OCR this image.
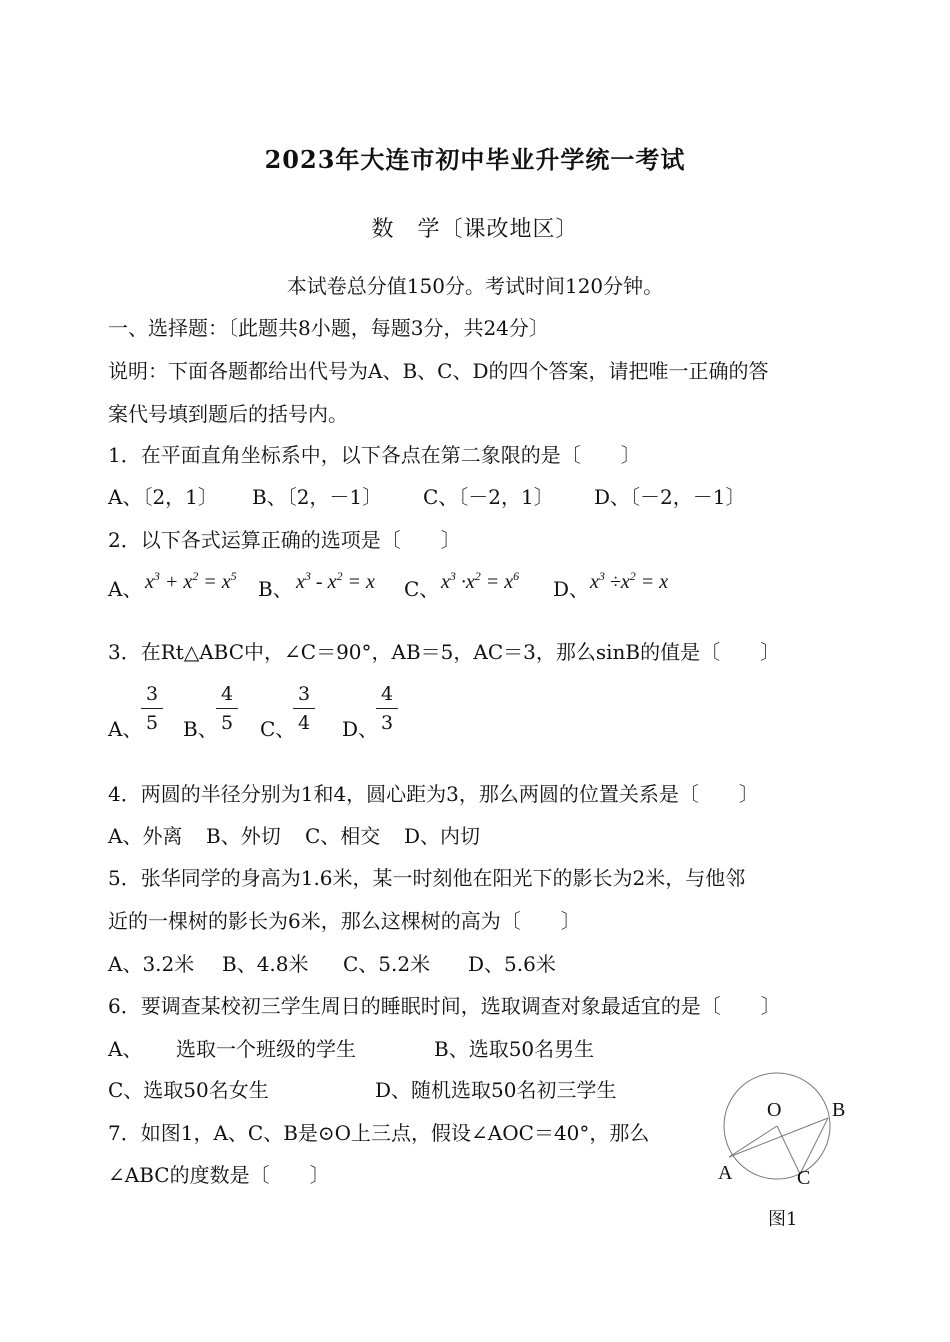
2023年大连市初中毕业升学统一考试
数　学〔课改地区〕
本试卷总分值150分。考试时间120分钟。
一、选择题：〔此题共8小题，每题3分，共24分〕
说明：下面各题都给出代号为A、B、C、D的四个答案，请把唯一正确的答
案代号填到题后的括号内。
1．在平面直角坐标系中，以下各点在第二象限的是〔　　〕
A、〔2，1〕 B、〔2，－1〕 C、〔－2，1〕 D、〔－2，－1〕
2．以下各式运算正确的选项是〔　　〕
A、 $x^3 + x^2 = x^5$
B、 $x^3 - x^2 = x$ C、 $x^3 \cdot x^2 = x^6$
D、 $x^3 \div x^2 = x$
3．在Rt△ABC中，∠C＝90°，AB＝5，AC＝3，那么sinB的值是〔　　〕
A、
3
5 B、
4
5 C、
3
4 D、
4
3
4．两圆的半径分别为1和4，圆心距为3，那么两圆的位置关系是〔　　〕
A、外离 B、外切 C、相交 D、内切
5．张华同学的身高为1.6米，某一时刻他在阳光下的影长为2米，与他邻
近的一棵树的影长为6米，那么这棵树的高为〔　　〕
A、3.2米 B、4.8米 C、5.2米 D、5.6米
6．要调查某校初三学生周日的睡眠时间，选取调查对象最适宜的是〔　　〕
A、 选取一个班级的学生	B、选取50名男生
C、选取50名女生	D、随机选取50名初三学生
7．如图1，A、C、B是⊙O上三点，假设∠AOC＝40°，那么
∠ABC的度数是〔　　〕
O	B
A	C
图1
